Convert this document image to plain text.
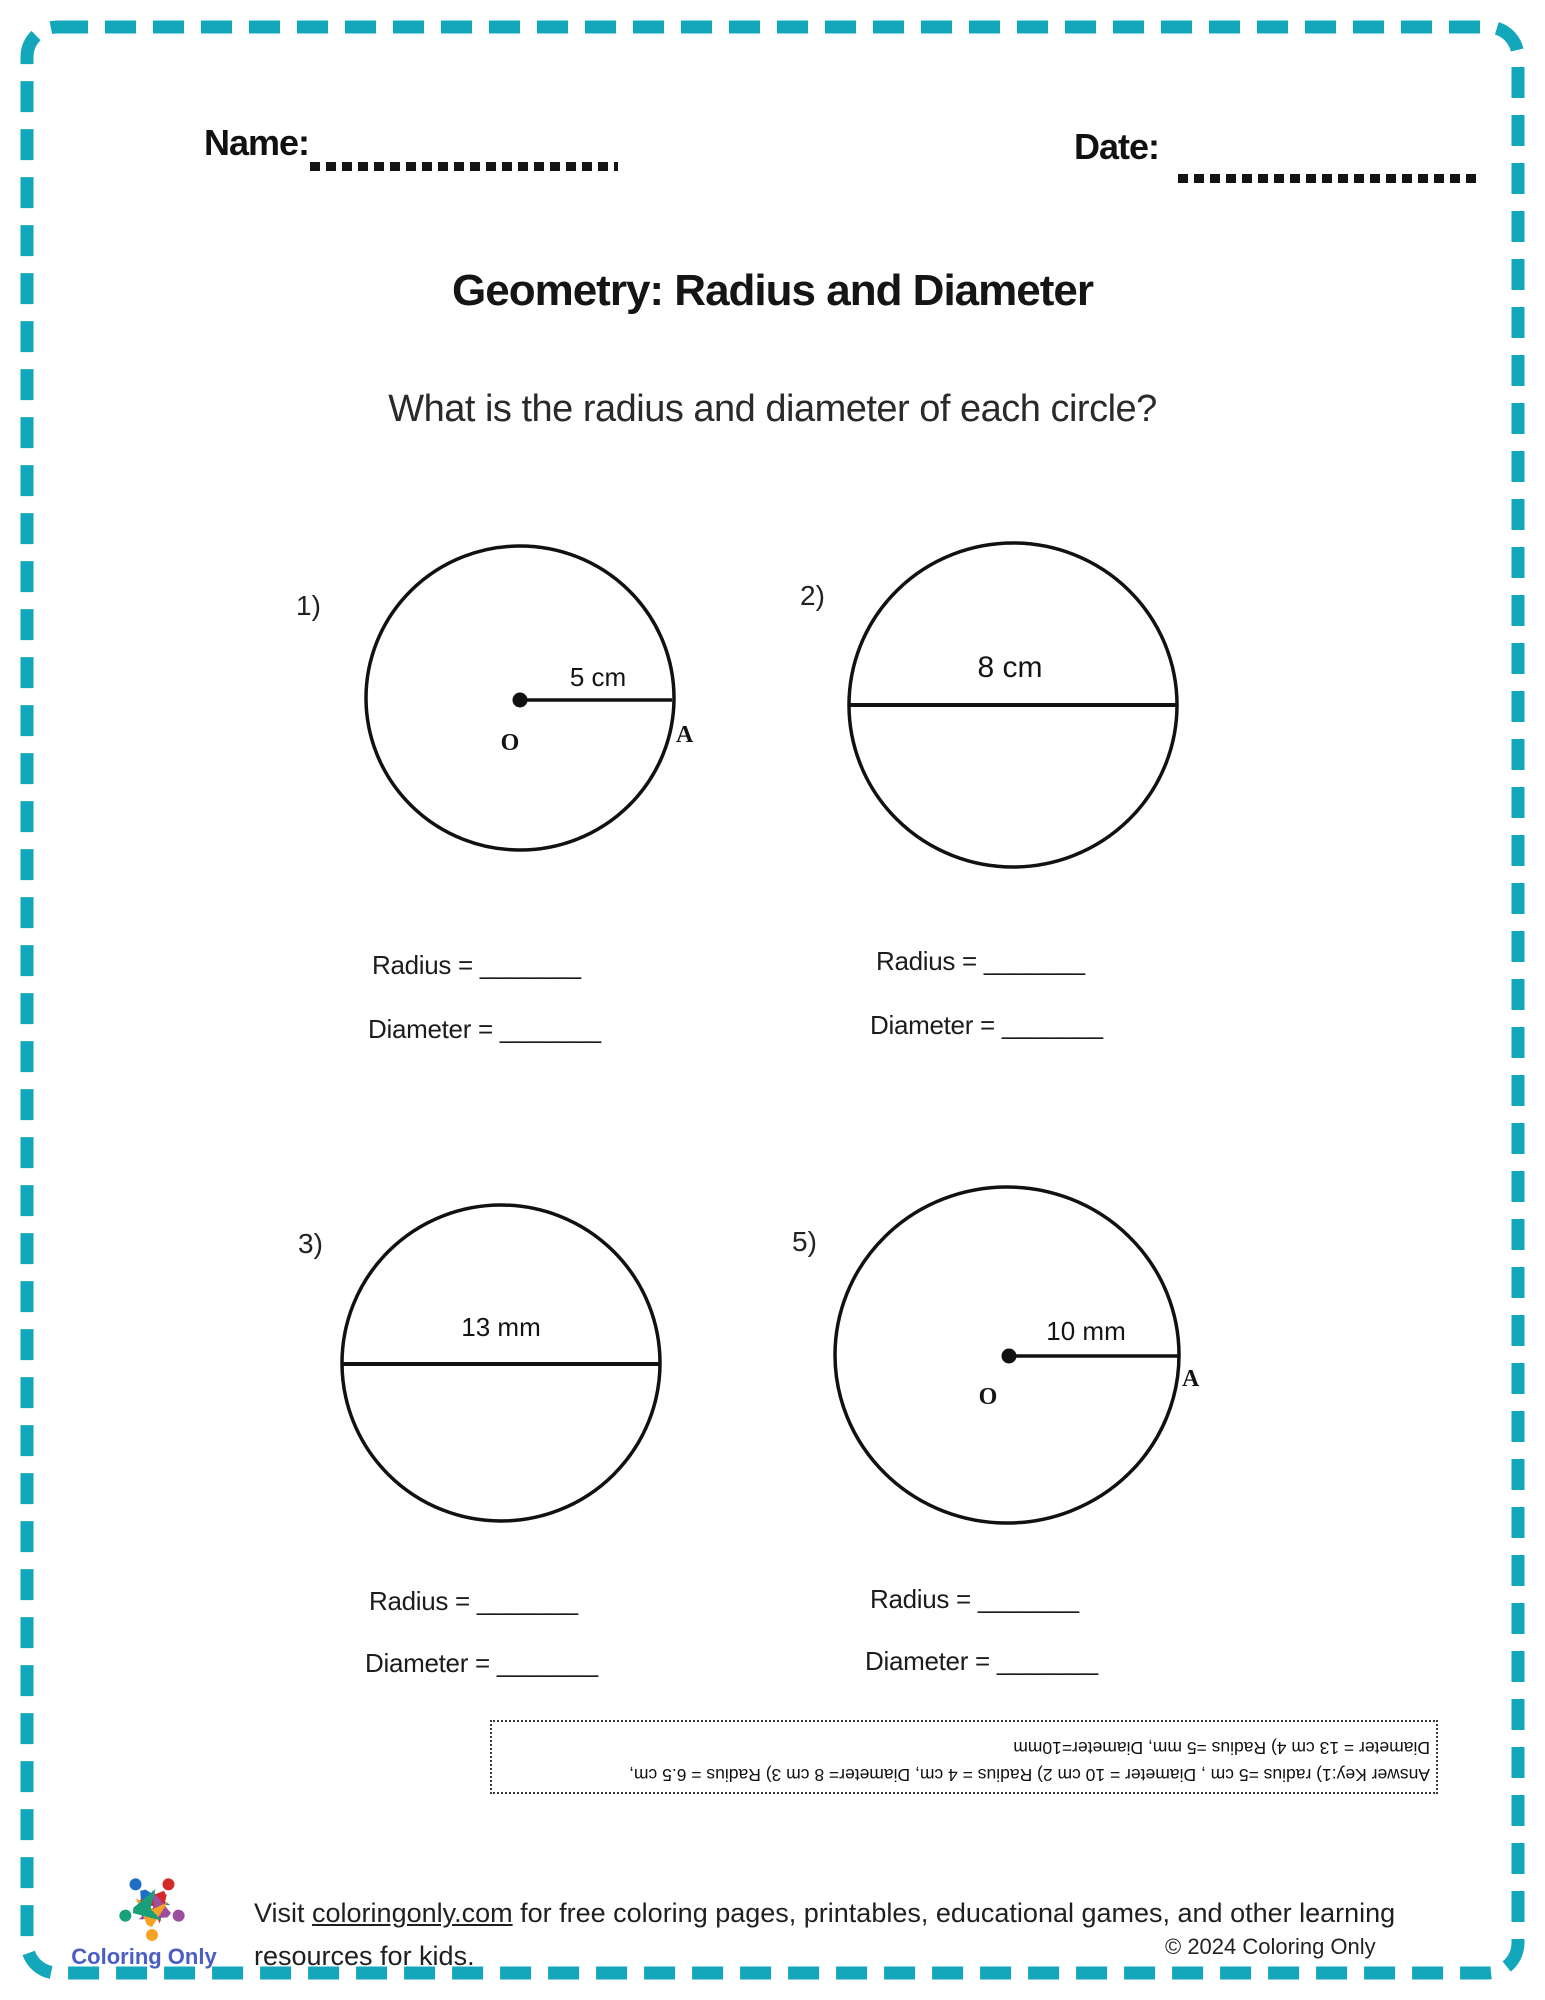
Name:	Date:
Geometry: Radius and Diameter
What is the radius and diameter of each circle?
1)
5 cm
O	A
2)
8 cm
3)
13 mm
5)
10 mm
O
A
Radius = _______
Diameter = _______
Radius = _______
Diameter = _______
Radius = _______
Diameter = _______
Radius = _______
Diameter = _______
Answer Key:1) radius =5 cm , Diameter = 10 cm 2) Radius = 4 cm, Diameter= 8 cm 3) Radius = 6.5 cm,
Diameter = 13 cm 4) Radius =5 mm, Diameter=10mm
Coloring Only
Visit coloringonly.com for free coloring pages, printables, educational games, and other learning resources for kids.	© 2024 Coloring Only
